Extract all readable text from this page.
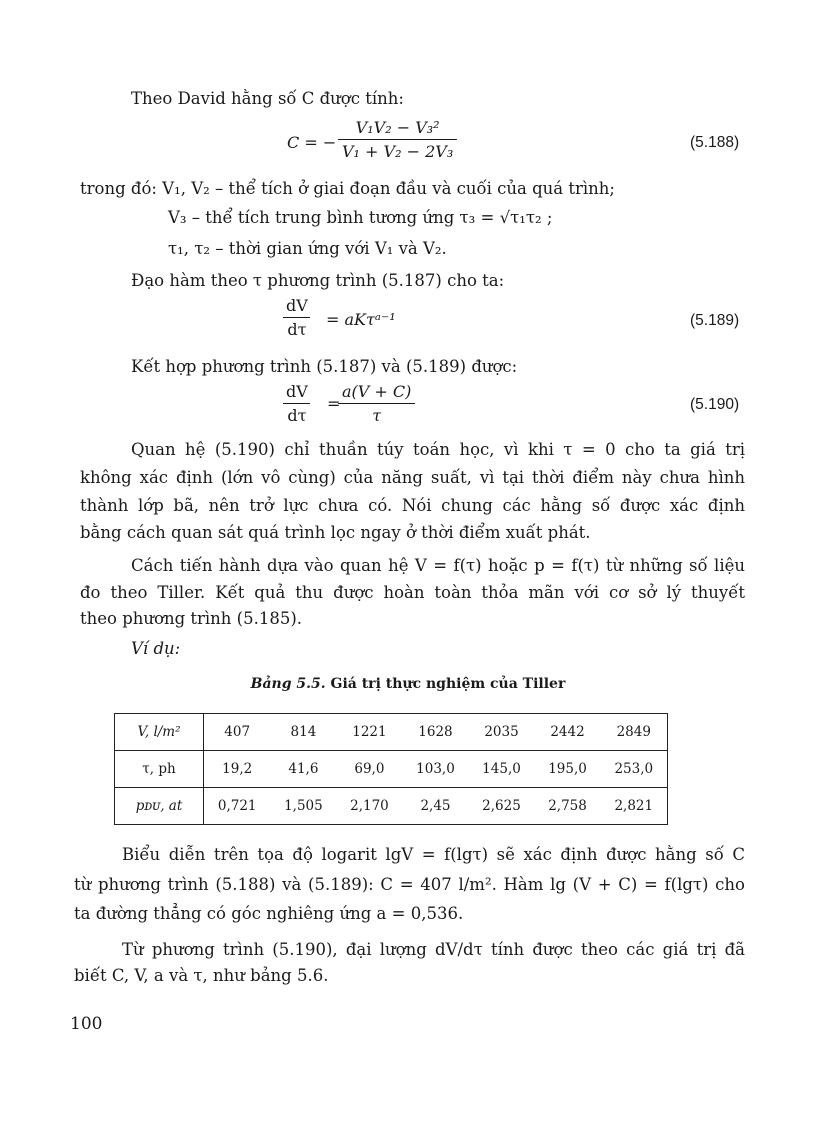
Theo David hằng số C được tính:
C = − $\frac{\text{V₁V₂ − V₃²}}{\text{V₁ + V₂ − 2V₃}}$	(5.188)
trong đó: V₁, V₂ – thể tích ở giai đoạn đầu và cuối của quá trình;
V₃ – thể tích trung bình tương ứng τ₃ = √τ₁τ₂ ;
τ₁, τ₂ – thời gian ứng với V₁ và V₂.
Đạo hàm theo τ phương trình (5.187) cho ta:
$\frac{dV}{d\tau}$ = aKτᵃ⁻¹	(5.189)
Kết hợp phương trình (5.187) và (5.189) được:
$\frac{dV}{d\tau}$ =
$\frac{a(V + C)}{\tau}$	(5.190)
Quan hệ (5.190) chỉ thuần túy toán học, vì khi τ = 0 cho ta giá trị
không xác định (lớn vô cùng) của năng suất, vì tại thời điểm này chưa hình
thành lớp bã, nên trở lực chưa có. Nói chung các hằng số được xác định
bằng cách quan sát quá trình lọc ngay ở thời điểm xuất phát.
Cách tiến hành dựa vào quan hệ V = f(τ) hoặc p = f(τ) từ những số liệu
đo theo Tiller. Kết quả thu được hoàn toàn thỏa mãn với cơ sở lý thuyết
theo phương trình (5.185).
Ví dụ:
Bảng 5.5. Giá trị thực nghiệm của Tiller
V, l/m²	407	814	1221	1628	2035	2442	2849
τ, ph	19,2	41,6	69,0	103,0	145,0	195,0	253,0
pᴅᴜ, at	0,721	1,505	2,170	2,45	2,625	2,758	2,821
Biểu diễn trên tọa độ logarit lgV = f(lgτ) sẽ xác định được hằng số C
từ phương trình (5.188) và (5.189): C = 407 l/m². Hàm lg (V + C) = f(lgτ) cho
ta đường thẳng có góc nghiêng ứng a = 0,536.
Từ phương trình (5.190), đại lượng dV/dτ tính được theo các giá trị đã
biết C, V, a và τ, như bảng 5.6.
100
